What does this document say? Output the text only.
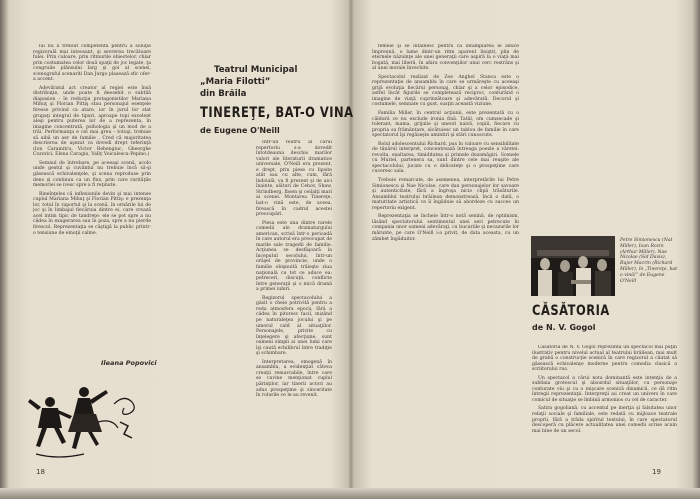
lui nu îi trebuit competentă pentru a soluţie regizorală mai inteosant, şi sevrerea trecătoare fulei. Prin culoare, prin ritmurile obiectelor, chiar prin costumatea celor două spaţii de joc legate, ţa congruile plânsului larg şi gol al scenei, scenograful scenariti Dan Jurgo plasează sfic ofer-a accent.

Adevăratul act creator al regiei este însă distribuţie, unde poate fi deosebit o subtilă diapasion - în reducţia protagonistilor Mariana Mihuţ şi Florian Pittiş stau personajul esenţele firesse privind ca atare, ior în jurul lor stat grupaţi integral de tipuri, aproape topi excelent aleşi pentru puterea lor de a reprezenta, în imagine concentrată, psihologia şi un mod de a trăi. Performanţa e cel mai greu - totuşi, trebuie să aibă un aer de familie . Cred că majoritatea descrierea de aşezat va dovedi drept referinţă (Ion Caramitru, Victor Rebengiuc, Gheorghe Cozorici, Elena Caragiu, Vally Voiculescu-Pepino.)

Semnul de întrebare, pe aceeaşi scenă, acolo unde gestul şi cuvântul nu trebuie încă să-şi găsească echivalenţele, şi scena reproduse prin dens şi continuu ca un flux, prin care rarităţile memoriei se ivesc spre a fi reţinute.

Bineînţeles că inflexiunile devin şi mai intense cuplul Mariana Mihuţ şi Florian Pittiş: e prezenţa lor, totul în raportul şi la scenă, în ornările lui de joc şi în limbajul fiecăruia dintre ei, care crează acel intim tipic de tandreţe: ele se pot spre a nu cădea în exagerarea sau în poza, spre a nu pierde firescul. Reprezentaţia se câştigă la public printr-o tensiune de emoţii calme.

Ileana Popovici
18
Teatrul Municipal
„Maria Filotti”
din Brăila
TINEREŢE, BAT-O VINA
de Eugene O'Neill

Într-un teatru al cărui repertoriu s-a dovedit întotdeauna deschis marilor valori ale literaturii dramatice universale, O'Neill era prezent, e drept, prin piese cu lipsite atât sau cu alte, cum, fără îndoială, va fi prezent şi de aici înainte, alături de Cehov, Shaw, Strindberg, Ibsen şi ceilalţi mari ai scenei. Montarea Tinereţe, bat-o vină este, de aceea, firească în cadrul acestei preocupări.

Piesa este una dintre rarele comedii ale dramaturgului american, scrisă într-o perioadă în care autorul era preocupat de marile sale tragedii de familie. Acţiunea se desfăşoară la începutul secolului, într-un orăşel de provincie, unde o familie obişnuită trăieşte ziua naţională cu tot ce aduce ea: petreceri, discuţii, conflicte între generaţii şi o mică dramă a primei iubiri.

Regizorul spectacolului a găsit o cheie potrivită pentru a reda atmosfera epocii, fără a cădea în pitoresc facil, mizând pe naturaleţea jocului şi pe umorul cald al situaţiilor. Personajele, privite cu înţelegere şi afecţiune, sunt oameni simpli ai unei lumi care îşi caută echilibrul între tradiţie şi schimbare.

Interpretarea, omogenă în ansamblu, a evidenţiat câteva creaţii remarcabile, între care se cuvine menţionat cuplul părinţilor, iar tinerii actori au adus prospeţime şi sinceritate în rolurile ce le-au revenit.

femeie şi se întâlnesc pentru că întâmplarea le aduce împreună, o lume dintr-un ritm aparent liniştit, plin de eternele năzuinţe ale unei generaţii care aspiră la o viaţă mai bogată, mai liberă, în afara convenţiilor unui cerc restrâns şi al unei morale învechite.

Spectacolul realizat de Zoe Anghel Stanca este o reprezentaţie de ansamblu în care se urmăreşte cu aceeaşi grijă evoluţia fiecărui personaj, chiar şi a celor episodice, astfel încât figurile se completează reciproc, conturând o imagine de viaţă cuprinzătoare şi adevărată. Decorul şi costumele, semnate cu gust, susţin această viziune.

Familia Miller, în centrul acţiunii, este prezentată cu o căldură ce nu exclude ironia fină. Tatăl, om cumsecade şi tolerant, mama, grijulie şi uneori naivă, copiii, fiecare cu propria sa frământare, alcătuiesc un tablou de familie în care spectatorul îşi regăseşte amintiri şi stări cunoscute.

Rolul adolescentului Richard, pus în valoare cu sensibilitate de tânărul interpret, concentrează întreaga poezie a vârstei: revolta, exaltarea, timiditatea şi primele dezamăgiri. Scenele cu Muriel, partenera sa, sunt dintre cele mai reuşite ale spectacolului, jucate cu o delicateţe şi o prospeţime care cuceresc sala.

Trebuie remarcate, de asemenea, interpretările lui Petre Simionescu şi Nae Nicolae, care dau personajelor lor savoare şi autenticitate, fără a îngroşa nicio clipă trăsăturile. Ansamblul teatrului brăilean demonstrează, încă o dată, o maturitate artistică ce îi îngăduie să abordeze cu succes un repertoriu exigent.

Reprezentaţia se încheie într-o notă senină, de optimism, lăsând spectatorului sentimentul unei seri petrecute în compania unor oameni adevăraţi, cu bucuriile şi necazurile lor mărunte, pe care O'Neill i-a privit, de data aceasta, cu un zâmbet îngăduitor.	Petre Simionescu (Nat Miller), Ioan Rozin (Arthur Miller), Nae Nicolae (Sid Davis), Bujor Macrin (Richard Miller), în „Tinereţe, bat-o vină!” de Eugene O'Neill
CĂSĂTORIA
de N. V. Gogol

Căsătoria de N. V. Gogol reprezintă un spectacol mai puţin ilustrativ pentru nivelul actual al teatrului brăilean, mai mult de grabă o construcţie scenică în care regizorul a căutat să găsească echivalenţe moderne pentru comedia clasică a scriitorului rus.

Un spectacol a cărui nota dominantă este intenţia de a sublinia grotescul şi absurdul situaţiilor, cu personaje conturate viu şi cu o mişcare scenică dinamică, ce dă ritm întregii reprezentaţii. Interpreţii au creat un univers în care comicul de situaţie se îmbină armonios cu cel de caracter.

Satira gogoliană, cu accentul pe inerţia şi falsitatea unor relaţii sociale şi familiale, este redată cu mijloace teatrale proprii, fără a trăda spiritul textului, în care spectatorul descoperă cu plăcere actualitatea unei comedii scrise acum mai bine de un secol.

19
